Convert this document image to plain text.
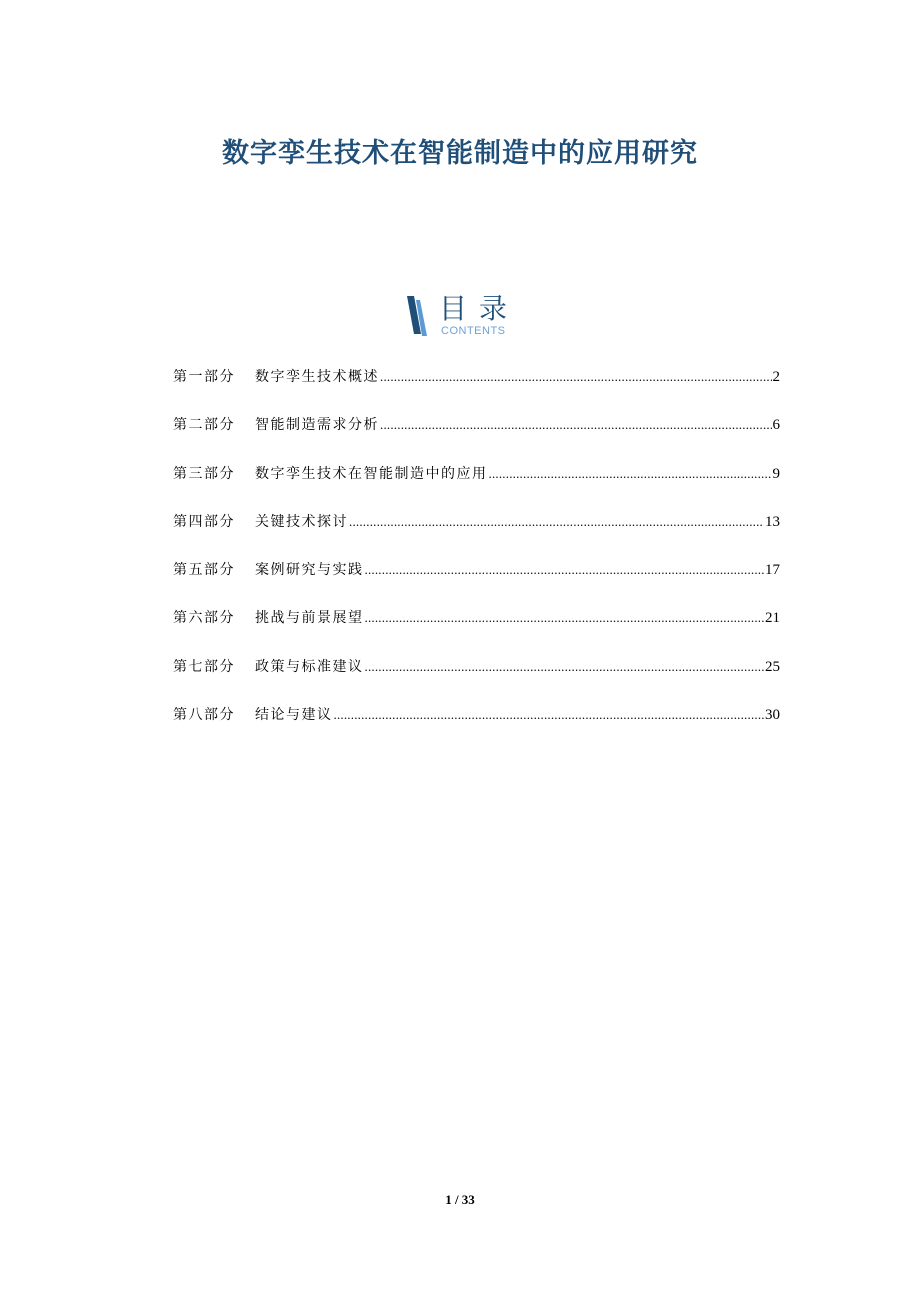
数字孪生技术在智能制造中的应用研究
目录
CONTENTS
第一部分	数字孪生技术概述 .....	2
第二部分	智能制造需求分析 .....	6
第三部分	数字孪生技术在智能制造中的应用 .....	9
第四部分	关键技术探讨 .....	13
第五部分	案例研究与实践 .....	17
第六部分	挑战与前景展望 .....	21
第七部分	政策与标准建议 .....	25
第八部分	结论与建议 .....	30
1 / 33
